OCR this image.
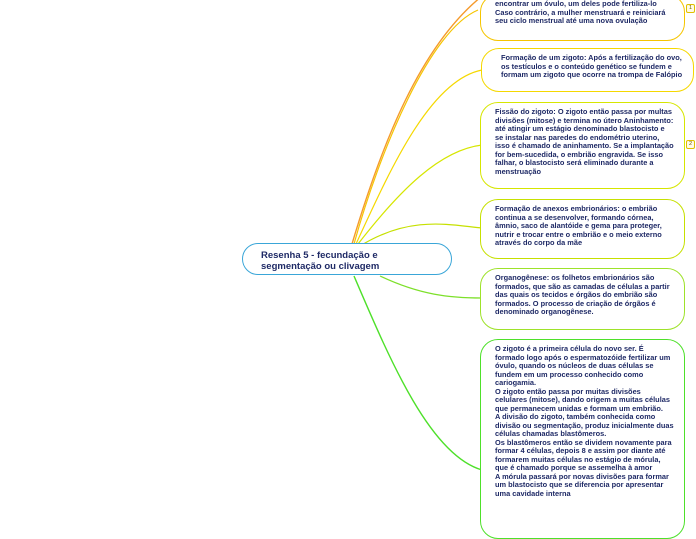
Resenha 5 - fecundação e segmentação ou clivagem

encontrar um óvulo, um deles pode fertiliza-lo Caso contrário, a mulher menstruará e reiniciará seu ciclo menstrual até uma nova ovulação

1

Formação de um zigoto: Após a fertilização do ovo, os testículos e o conteúdo genético se fundem e formam um zigoto que ocorre na trompa de Falópio

Fissão do zigoto: O zigoto então passa por multas divisões (mitose) e termina no útero Aninhamento: até atingir um estágio denominado blastocisto e se instalar nas paredes do endométrio uterino, isso é chamado de aninhamento. Se a implantação for bem-sucedida, o embrião engravida. Se isso falhar, o blastocisto será eliminado durante a menstruação

2

Formação de anexos embrionários: o embrião continua a se desenvolver, formando córnea, âmnio, saco de alantóide e gema para proteger, nutrir e trocar entre o embrião e o meio externo através do corpo da mãe

Organogênese: os folhetos embrionários são formados, que são as camadas de células a partir das quais os tecidos e órgãos do embrião são formados. O processo de criação de órgãos é denominado organogênese.

O zigoto é a primeira célula do novo ser. É formado logo após o espermatozóide fertilizar um óvulo, quando os núcleos de duas células se fundem em um processo conhecido como cariogamia.

O zigoto então passa por muitas divisões celulares (mitose), dando origem a muitas células que permanecem unidas e formam um embrião.

A divisão do zigoto, também conhecida como divisão ou segmentação, produz inicialmente duas células chamadas blastômeros.

Os blastômeros então se dividem novamente para formar 4 células, depois 8 e assim por diante até formarem muitas células no estágio de mórula, que é chamado porque se assemelha à amor

A mórula passará por novas divisões para formar um blastocisto que se diferencia por apresentar uma cavidade interna
